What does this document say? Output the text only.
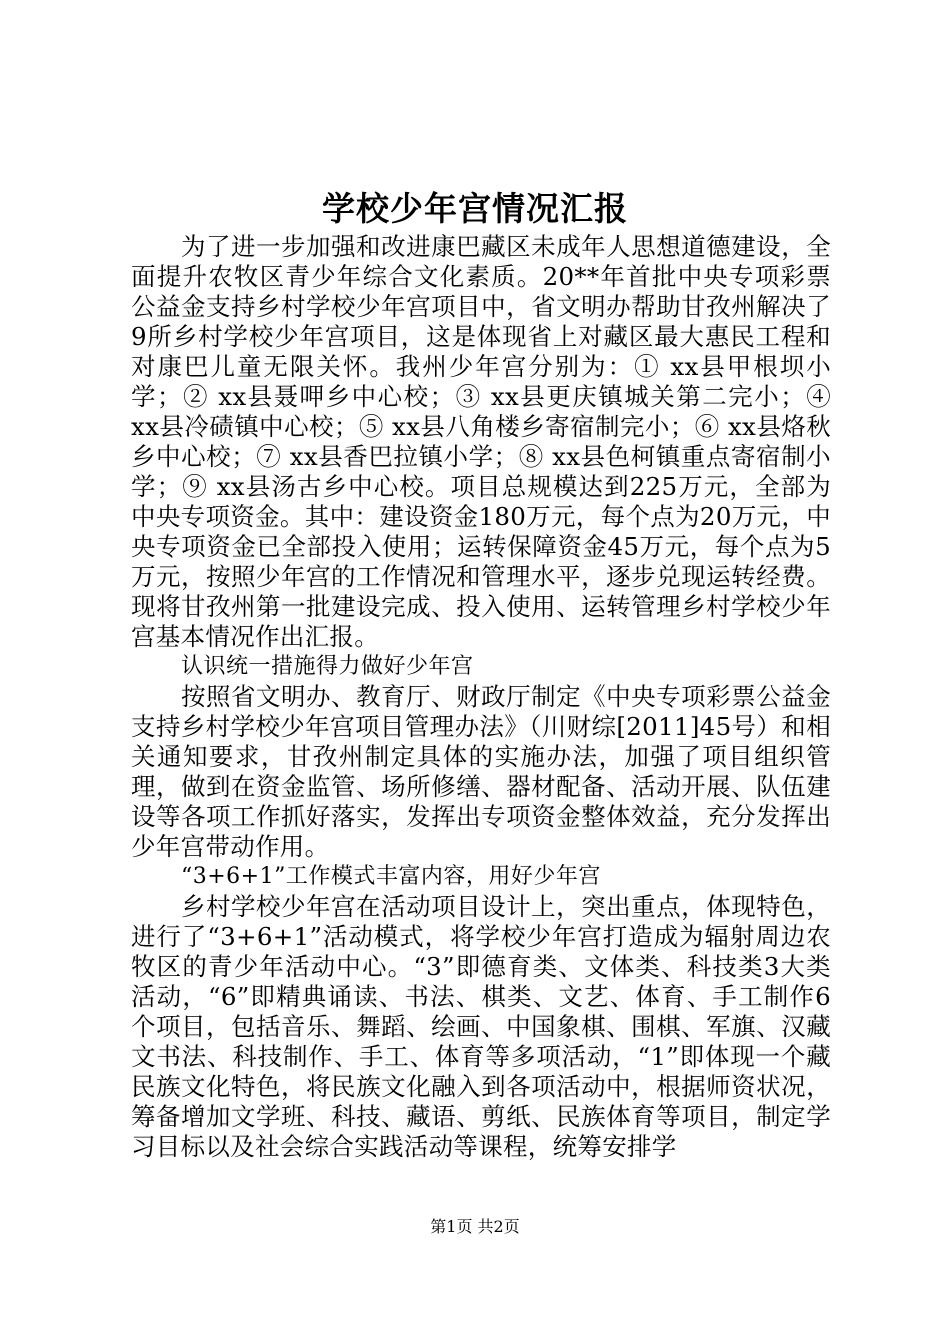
学校少年宫情况汇报

为了进一步加强和改进康巴藏区未成年人思想道德建设，全面提升农牧区青少年综合文化素质。20**年首批中央专项彩票公益金支持乡村学校少年宫项目中，省文明办帮助甘孜州解决了9所乡村学校少年宫项目，这是体现省上对藏区最大惠民工程和对康巴儿童无限关怀。我州少年宫分别为：① xx县甲根坝小学；② xx县聂呷乡中心校；③ xx县更庆镇城关第二完小；④ xx县冷碛镇中心校；⑤ xx县八角楼乡寄宿制完小；⑥ xx县烙秋乡中心校；⑦ xx县香巴拉镇小学；⑧ xx县色柯镇重点寄宿制小学；⑨ xx县汤古乡中心校。项目总规模达到225万元，全部为中央专项资金。其中：建设资金180万元，每个点为20万元，中央专项资金已全部投入使用；运转保障资金45万元，每个点为5万元，按照少年宫的工作情况和管理水平，逐步兑现运转经费。现将甘孜州第一批建设完成、投入使用、运转管理乡村学校少年宫基本情况作出汇报。

认识统一措施得力做好少年宫

按照省文明办、教育厅、财政厅制定《中央专项彩票公益金支持乡村学校少年宫项目管理办法》（川财综[2011]45号）和相关通知要求，甘孜州制定具体的实施办法，加强了项目组织管理，做到在资金监管、场所修缮、器材配备、活动开展、队伍建设等各项工作抓好落实，发挥出专项资金整体效益，充分发挥出少年宫带动作用。

“3+6+1”工作模式丰富内容，用好少年宫

乡村学校少年宫在活动项目设计上，突出重点，体现特色，进行了“3+6+1”活动模式，将学校少年宫打造成为辐射周边农牧区的青少年活动中心。“3”即德育类、文体类、科技类3大类活动，“6”即精典诵读、书法、棋类、文艺、体育、手工制作6个项目，包括音乐、舞蹈、绘画、中国象棋、围棋、军旗、汉藏文书法、科技制作、手工、体育等多项活动，“1”即体现一个藏民族文化特色，将民族文化融入到各项活动中，根据师资状况，筹备增加文学班、科技、藏语、剪纸、民族体育等项目，制定学习目标以及社会综合实践活动等课程，统筹安排学

第1页 共2页
